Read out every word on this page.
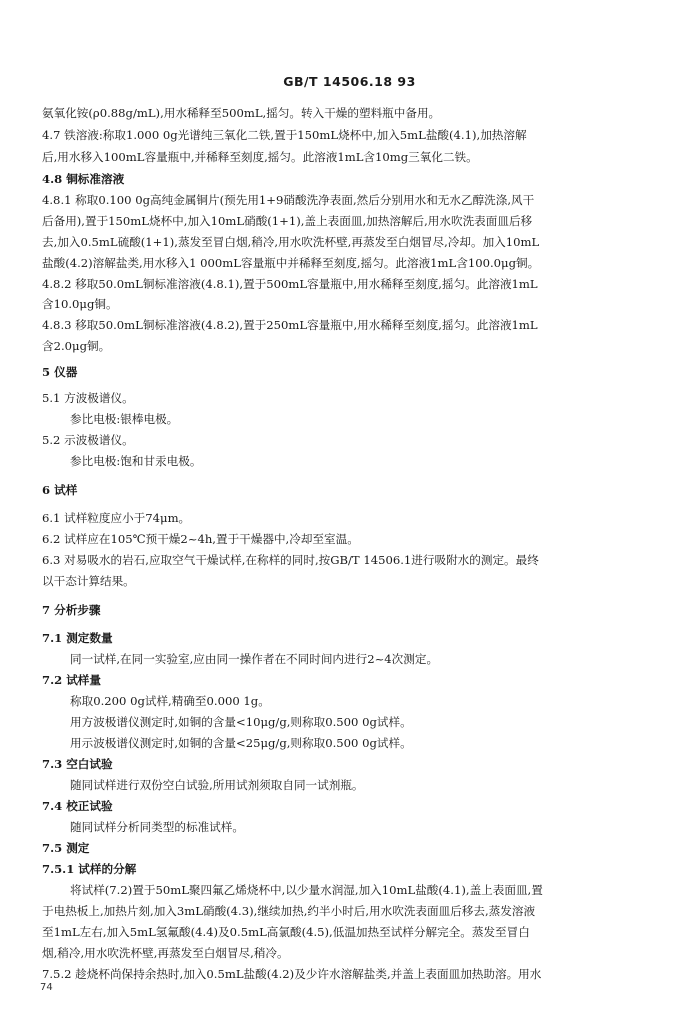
GB/T 14506.18 93
氨氧化铵(ρ0.88g/mL),用水稀释至500mL,摇匀。转入干燥的塑料瓶中备用。
4.7 铁溶液:称取1.000 0g光谱纯三氧化二铁,置于150mL烧杯中,加入5mL盐酸(4.1),加热溶解
后,用水移入100mL容量瓶中,并稀释至刻度,摇匀。此溶液1mL含10mg三氧化二铁。
4.8 铜标准溶液
4.8.1 称取0.100 0g高纯金属铜片(预先用1+9硝酸洗净表面,然后分别用水和无水乙醇洗涤,风干
后备用),置于150mL烧杯中,加入10mL硝酸(1+1),盖上表面皿,加热溶解后,用水吹洗表面皿后移
去,加入0.5mL硫酸(1+1),蒸发至冒白烟,稍冷,用水吹洗杯壁,再蒸发至白烟冒尽,冷却。加入10mL
盐酸(4.2)溶解盐类,用水移入1 000mL容量瓶中并稀释至刻度,摇匀。此溶液1mL含100.0μg铜。
4.8.2 移取50.0mL铜标准溶液(4.8.1),置于500mL容量瓶中,用水稀释至刻度,摇匀。此溶液1mL
含10.0μg铜。
4.8.3 移取50.0mL铜标准溶液(4.8.2),置于250mL容量瓶中,用水稀释至刻度,摇匀。此溶液1mL
含2.0μg铜。
5 仪器
5.1 方波极谱仪。
参比电极:银棒电极。
5.2 示波极谱仪。
参比电极:饱和甘汞电极。
6 试样
6.1 试样粒度应小于74μm。
6.2 试样应在105℃预干燥2~4h,置于干燥器中,冷却至室温。
6.3 对易吸水的岩石,应取空气干燥试样,在称样的同时,按GB/T 14506.1进行吸附水的测定。最终
以干态计算结果。
7 分析步骤
7.1 测定数量
同一试样,在同一实验室,应由同一操作者在不同时间内进行2~4次测定。
7.2 试样量
称取0.200 0g试样,精确至0.000 1g。
用方波极谱仪测定时,如铜的含量<10μg/g,则称取0.500 0g试样。
用示波极谱仪测定时,如铜的含量<25μg/g,则称取0.500 0g试样。
7.3 空白试验
随同试样进行双份空白试验,所用试剂须取自同一试剂瓶。
7.4 校正试验
随同试样分析同类型的标准试样。
7.5 测定
7.5.1 试样的分解
将试样(7.2)置于50mL聚四氟乙烯烧杯中,以少量水润湿,加入10mL盐酸(4.1),盖上表面皿,置
于电热板上,加热片刻,加入3mL硝酸(4.3),继续加热,约半小时后,用水吹洗表面皿后移去,蒸发溶液
至1mL左右,加入5mL氢氟酸(4.4)及0.5mL高氯酸(4.5),低温加热至试样分解完全。蒸发至冒白
烟,稍冷,用水吹洗杯壁,再蒸发至白烟冒尽,稍冷。
7.5.2 趁烧杯尚保持余热时,加入0.5mL盐酸(4.2)及少许水溶解盐类,并盖上表面皿加热助溶。用水
74
